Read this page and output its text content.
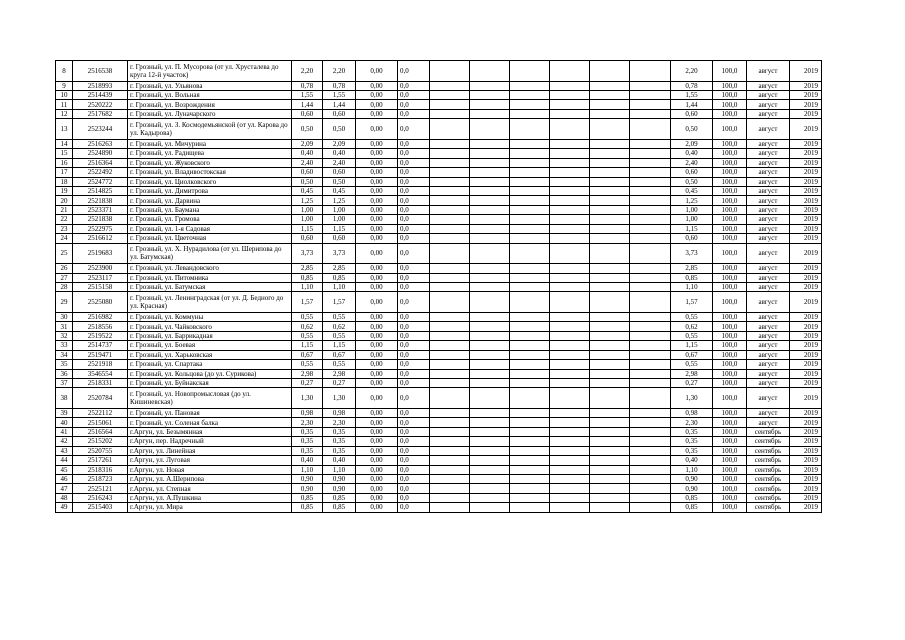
8	2516538	г. Грозный, ул. П. Мусорова (от ул. Хрусталева до круга 12-й участок)	2,20	2,20	0,00	0,0							2,20	100,0	август	2019
9	2518993	г. Грозный, ул. Ульянова	0,78	0,78	0,00	0,0							0,78	100,0	август	2019
10	2514439	г. Грозный, ул. Вольная	1,55	1,55	0,00	0,0							1,55	100,0	август	2019
11	2520222	г. Грозный, ул. Возрождения	1,44	1,44	0,00	0,0							1,44	100,0	август	2019
12	2517682	г. Грозный, ул. Луначарского	0,60	0,60	0,00	0,0							0,60	100,0	август	2019
13	2523244	г. Грозный, ул. З. Космодемьянской (от ул. Карова до ул. Кадырова)	0,50	0,50	0,00	0,0							0,50	100,0	август	2019
14	2516263	г. Грозный, ул. Мичурина	2,09	2,09	0,00	0,0							2,09	100,0	август	2019
15	2524890	г. Грозный, ул. Радищева	0,40	0,40	0,00	0,0							0,40	100,0	август	2019
16	2516364	г. Грозный, ул. Жуковского	2,40	2,40	0,00	0,0							2,40	100,0	август	2019
17	2522492	г. Грозный, ул. Владивостокская	0,60	0,60	0,00	0,0							0,60	100,0	август	2019
18	2524772	г. Грозный, ул. Циолковского	0,50	0,50	0,00	0,0							0,50	100,0	август	2019
19	2514825	г. Грозный, ул. Димитрова	0,45	0,45	0,00	0,0							0,45	100,0	август	2019
20	2521838	г. Грозный, ул. Дарвина	1,25	1,25	0,00	0,0							1,25	100,0	август	2019
21	2523371	г. Грозный, ул. Баумана	1,00	1,00	0,00	0,0							1,00	100,0	август	2019
22	2521838	г. Грозный, ул. Громова	1,00	1,00	0,00	0,0							1,00	100,0	август	2019
23	2522975	г. Грозный, ул. 1-я Садовая	1,15	1,15	0,00	0,0							1,15	100,0	август	2019
24	2516612	г. Грозный, ул. Цветочная	0,60	0,60	0,00	0,0							0,60	100,0	август	2019
25	2519683	г. Грозный, ул. Х. Нурадилова (от ул. Шерипова до ул. Батумская)	3,73	3,73	0,00	0,0							3,73	100,0	август	2019
26	2523900	г. Грозный, ул. Левандовского	2,85	2,85	0,00	0,0							2,85	100,0	август	2019
27	2523117	г. Грозный, ул. Питомника	0,85	0,85	0,00	0,0							0,85	100,0	август	2019
28	2515158	г. Грозный, ул. Батумская	1,10	1,10	0,00	0,0							1,10	100,0	август	2019
29	2525080	г. Грозный, ул. Ленинградская (от ул. Д. Бедного до ул. Красная)	1,57	1,57	0,00	0,0							1,57	100,0	август	2019
30	2516982	г. Грозный, ул. Коммуны	0,55	0,55	0,00	0,0							0,55	100,0	август	2019
31	2518556	г. Грозный, ул. Чайковского	0,62	0,62	0,00	0,0							0,62	100,0	август	2019
32	2519522	г. Грозный, ул. Баррикадная	0,55	0,55	0,00	0,0							0,55	100,0	август	2019
33	2514737	г. Грозный, ул. Боевая	1,15	1,15	0,00	0,0							1,15	100,0	август	2019
34	2519471	г. Грозный, ул. Харьковская	0,67	0,67	0,00	0,0							0,67	100,0	август	2019
35	2521918	г. Грозный, ул. Спартака	0,55	0,55	0,00	0,0							0,55	100,0	август	2019
36	3546554	г. Грозный, ул. Кольцова (до ул. Сурикова)	2,98	2,98	0,00	0,0							2,98	100,0	август	2019
37	2518331	г. Грозный, ул. Буйнакская	0,27	0,27	0,00	0,0							0,27	100,0	август	2019
38	2520784	г. Грозный, ул. Новопромысловая (до ул. Кишиневская)	1,30	1,30	0,00	0,0							1,30	100,0	август	2019
39	2522112	г. Грозный, ул. Пановая	0,98	0,98	0,00	0,0							0,98	100,0	август	2019
40	2515061	г. Грозный, ул. Соленая балка	2,30	2,30	0,00	0,0							2,30	100,0	август	2019
41	2516564	г.Аргун, ул. Безымянная	0,35	0,35	0,00	0,0							0,35	100,0	сентябрь	2019
42	2515202	г.Аргун, пер. Надречный	0,35	0,35	0,00	0,0							0,35	100,0	сентябрь	2019
43	2520755	г.Аргун, ул. Линейная	0,35	0,35	0,00	0,0							0,35	100,0	сентябрь	2019
44	2517261	г.Аргун, ул. Луговая	0,40	0,40	0,00	0,0							0,40	100,0	сентябрь	2019
45	2518316	г.Аргун, ул. Новая	1,10	1,10	0,00	0,0							1,10	100,0	сентябрь	2019
46	2518723	г.Аргун, ул. А.Шерипова	0,90	0,90	0,00	0,0							0,90	100,0	сентябрь	2019
47	2525121	г.Аргун, ул. Степная	0,90	0,90	0,00	0,0							0,90	100,0	сентябрь	2019
48	2516243	г.Аргун, ул. А.Пушкина	0,85	0,85	0,00	0,0							0,85	100,0	сентябрь	2019
49	2515403	г.Аргун, ул. Мира	0,85	0,85	0,00	0,0							0,85	100,0	сентябрь	2019
